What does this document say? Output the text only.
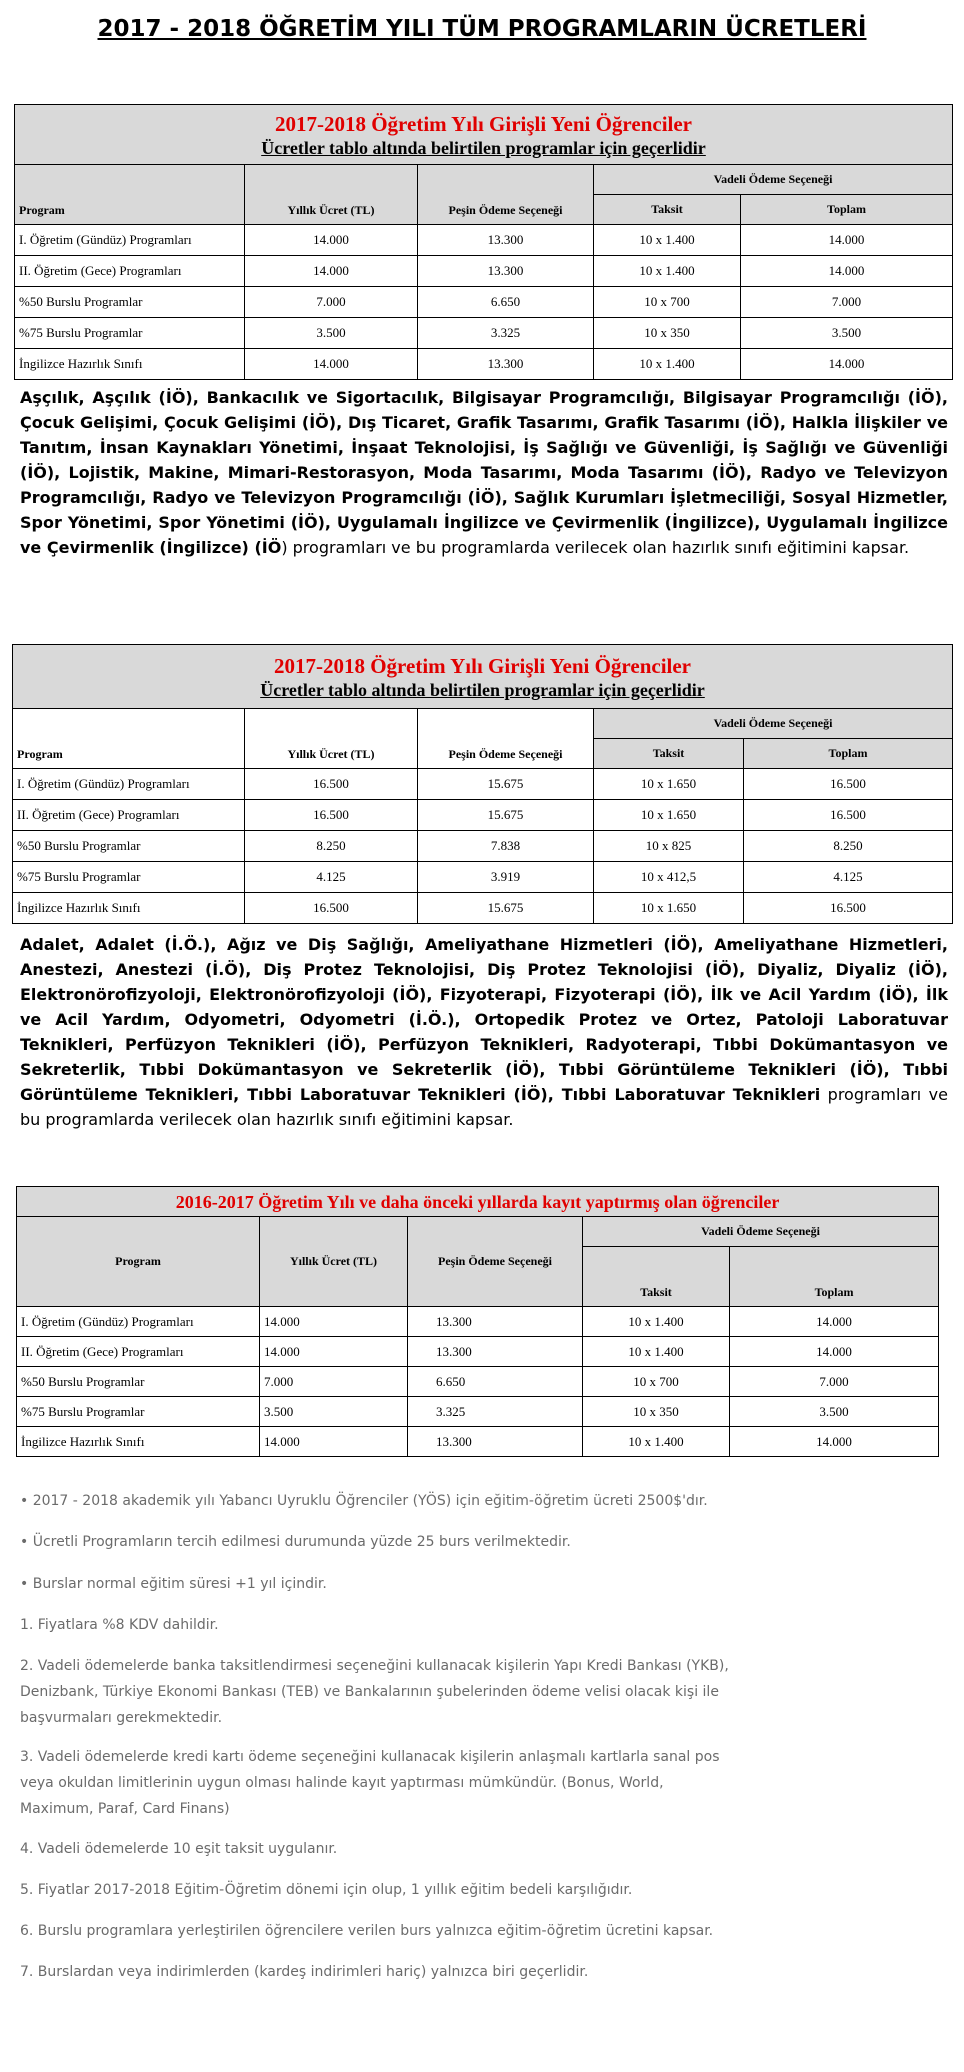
2017 - 2018 ÖĞRETİM YILI TÜM PROGRAMLARIN ÜCRETLERİ
2017-2018 Öğretim Yılı Girişli Yeni Öğrenciler
Ücretler tablo altında belirtilen programlar için geçerlidir				

Program	Yıllık Ücret (TL)	Peşin Ödeme Seçeneği	Vadeli Ödeme Seçeneği	
			Taksit	Toplam
I. Öğretim (Gündüz) Programları	14.000	13.300	10 x 1.400	14.000
II. Öğretim (Gece) Programları	14.000	13.300	10 x 1.400	14.000
%50 Burslu Programlar	7.000	6.650	10 x 700	7.000
%75 Burslu Programlar	3.500	3.325	10 x 350	3.500
İngilizce Hazırlık Sınıfı	14.000	13.300	10 x 1.400	14.000
Aşçılık, Aşçılık (İÖ), Bankacılık ve Sigortacılık, Bilgisayar Programcılığı, Bilgisayar Programcılığı (İÖ), Çocuk Gelişimi, Çocuk Gelişimi (İÖ), Dış Ticaret, Grafik Tasarımı, Grafik Tasarımı (İÖ), Halkla İlişkiler ve Tanıtım, İnsan Kaynakları Yönetimi, İnşaat Teknolojisi, İş Sağlığı ve Güvenliği, İş Sağlığı ve Güvenliği (İÖ), Lojistik, Makine, Mimari-Restorasyon, Moda Tasarımı, Moda Tasarımı (İÖ), Radyo ve Televizyon Programcılığı, Radyo ve Televizyon Programcılığı (İÖ), Sağlık Kurumları İşletmeciliği, Sosyal Hizmetler, Spor Yönetimi, Spor Yönetimi (İÖ), Uygulamalı İngilizce ve Çevirmenlik (İngilizce), Uygulamalı İngilizce ve Çevirmenlik (İngilizce) (İÖ) programları ve bu programlarda verilecek olan hazırlık sınıfı eğitimini kapsar.
2017-2018 Öğretim Yılı Girişli Yeni Öğrenciler
Ücretler tablo altında belirtilen programlar için geçerlidir				

Program	Yıllık Ücret (TL)	Peşin Ödeme Seçeneği	Vadeli Ödeme Seçeneği	
			Taksit	Toplam
I. Öğretim (Gündüz) Programları	16.500	15.675	10 x 1.650	16.500
II. Öğretim (Gece) Programları	16.500	15.675	10 x 1.650	16.500
%50 Burslu Programlar	8.250	7.838	10 x 825	8.250
%75 Burslu Programlar	4.125	3.919	10 x 412,5	4.125
İngilizce Hazırlık Sınıfı	16.500	15.675	10 x 1.650	16.500
Adalet, Adalet (İ.Ö.), Ağız ve Diş Sağlığı, Ameliyathane Hizmetleri (İÖ), Ameliyathane Hizmetleri, Anestezi, Anestezi (İ.Ö), Diş Protez Teknolojisi, Diş Protez Teknolojisi (İÖ), Diyaliz, Diyaliz (İÖ), Elektronörofizyoloji, Elektronörofizyoloji (İÖ), Fizyoterapi, Fizyoterapi (İÖ), İlk ve Acil Yardım (İÖ), İlk ve Acil Yardım, Odyometri, Odyometri (İ.Ö.), Ortopedik Protez ve Ortez, Patoloji Laboratuvar Teknikleri, Perfüzyon Teknikleri (İÖ), Perfüzyon Teknikleri, Radyoterapi, Tıbbi Dokümantasyon ve Sekreterlik, Tıbbi Dokümantasyon ve Sekreterlik (İÖ), Tıbbi Görüntüleme Teknikleri (İÖ), Tıbbi Görüntüleme Teknikleri, Tıbbi Laboratuvar Teknikleri (İÖ), Tıbbi Laboratuvar Teknikleri programları ve bu programlarda verilecek olan hazırlık sınıfı eğitimini kapsar.
2016-2017 Öğretim Yılı ve daha önceki yıllarda kayıt yaptırmış olan öğrenciler				

Program	Yıllık Ücret (TL)	Peşin Ödeme Seçeneği	Vadeli Ödeme Seçeneği	
			Taksit	Toplam
I. Öğretim (Gündüz) Programları	14.000	13.300	10 x 1.400	14.000
II. Öğretim (Gece) Programları	14.000	13.300	10 x 1.400	14.000
%50 Burslu Programlar	7.000	6.650	10 x 700	7.000
%75 Burslu Programlar	3.500	3.325	10 x 350	3.500
İngilizce Hazırlık Sınıfı	14.000	13.300	10 x 1.400	14.000
• 2017 - 2018 akademik yılı Yabancı Uyruklu Öğrenciler (YÖS) için eğitim-öğretim ücreti 2500$'dır.
• Ücretli Programların tercih edilmesi durumunda yüzde 25 burs verilmektedir.
• Burslar normal eğitim süresi +1 yıl içindir.
1. Fiyatlara %8 KDV dahildir.
2. Vadeli ödemelerde banka taksitlendirmesi seçeneğini kullanacak kişilerin Yapı Kredi Bankası (YKB), Denizbank, Türkiye Ekonomi Bankası (TEB) ve Bankalarının şubelerinden ödeme velisi olacak kişi ile başvurmaları gerekmektedir.
3. Vadeli ödemelerde kredi kartı ödeme seçeneğini kullanacak kişilerin anlaşmalı kartlarla sanal pos veya okuldan limitlerinin uygun olması halinde kayıt yaptırması mümkündür. (Bonus, World, Maximum, Paraf, Card Finans)
4. Vadeli ödemelerde 10 eşit taksit uygulanır.
5. Fiyatlar 2017-2018 Eğitim-Öğretim dönemi için olup, 1 yıllık eğitim bedeli karşılığıdır.
6. Burslu programlara yerleştirilen öğrencilere verilen burs yalnızca eğitim-öğretim ücretini kapsar.
7. Burslardan veya indirimlerden (kardeş indirimleri hariç) yalnızca biri geçerlidir.
